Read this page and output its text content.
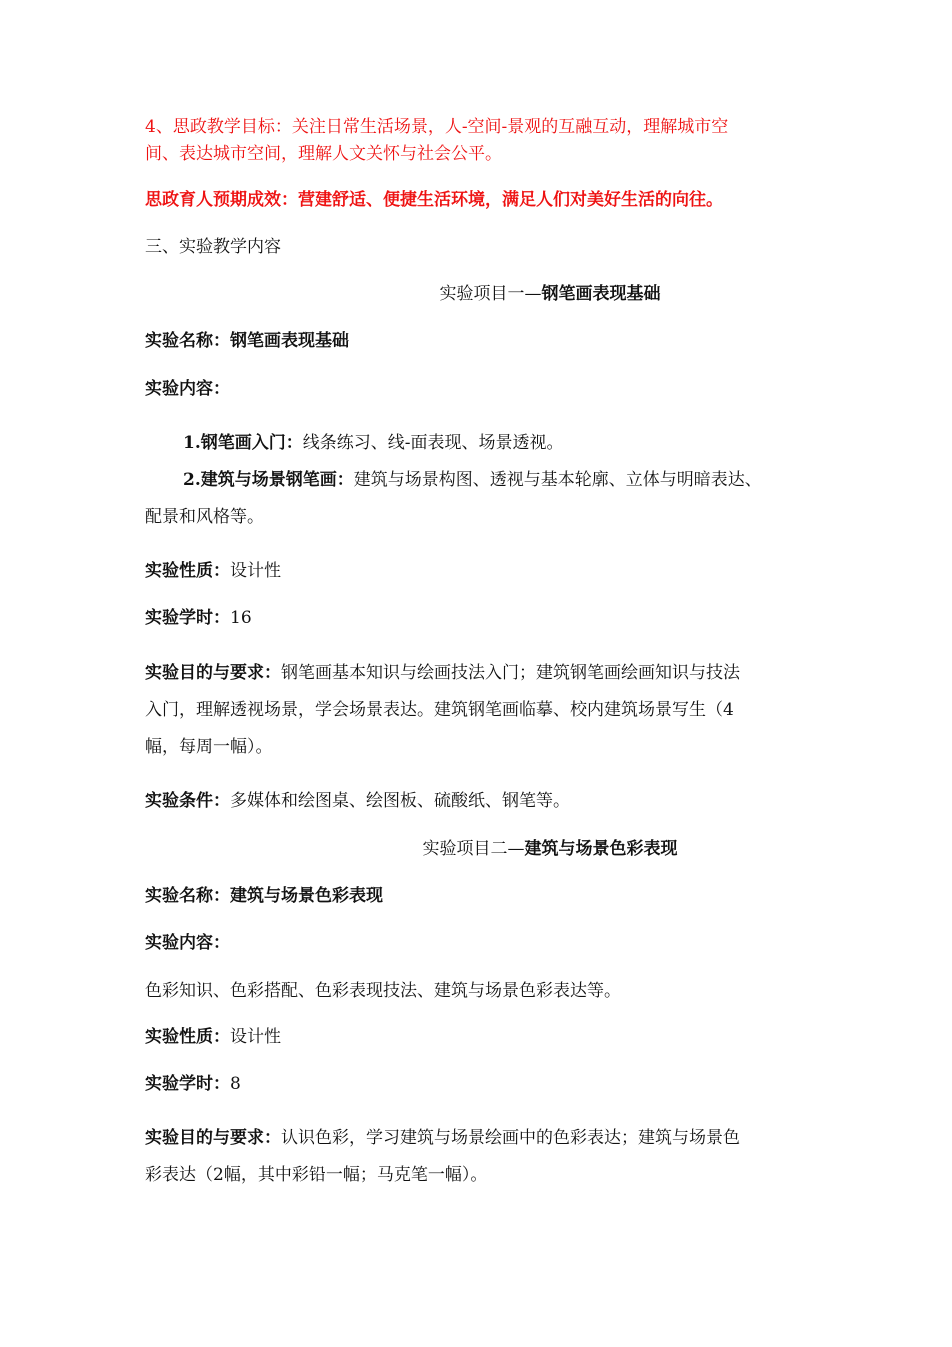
4、思政教学目标：关注日常生活场景，人-空间-景观的互融互动，理解城市空
间、表达城市空间，理解人文关怀与社会公平。
思政育人预期成效：营建舒适、便捷生活环境，满足人们对美好生活的向往。
三、实验教学内容
实验项目一—钢笔画表现基础
实验名称：钢笔画表现基础
实验内容：
1.钢笔画入门：线条练习、线-面表现、场景透视。
2.建筑与场景钢笔画：建筑与场景构图、透视与基本轮廓、立体与明暗表达、
配景和风格等。
实验性质：设计性
实验学时：16
实验目的与要求：钢笔画基本知识与绘画技法入门；建筑钢笔画绘画知识与技法
入门，理解透视场景，学会场景表达。建筑钢笔画临摹、校内建筑场景写生（4
幅，每周一幅）。
实验条件：多媒体和绘图桌、绘图板、硫酸纸、钢笔等。
实验项目二—建筑与场景色彩表现
实验名称：建筑与场景色彩表现
实验内容：
色彩知识、色彩搭配、色彩表现技法、建筑与场景色彩表达等。
实验性质：设计性
实验学时：8
实验目的与要求：认识色彩，学习建筑与场景绘画中的色彩表达；建筑与场景色
彩表达（2幅，其中彩铅一幅；马克笔一幅）。
